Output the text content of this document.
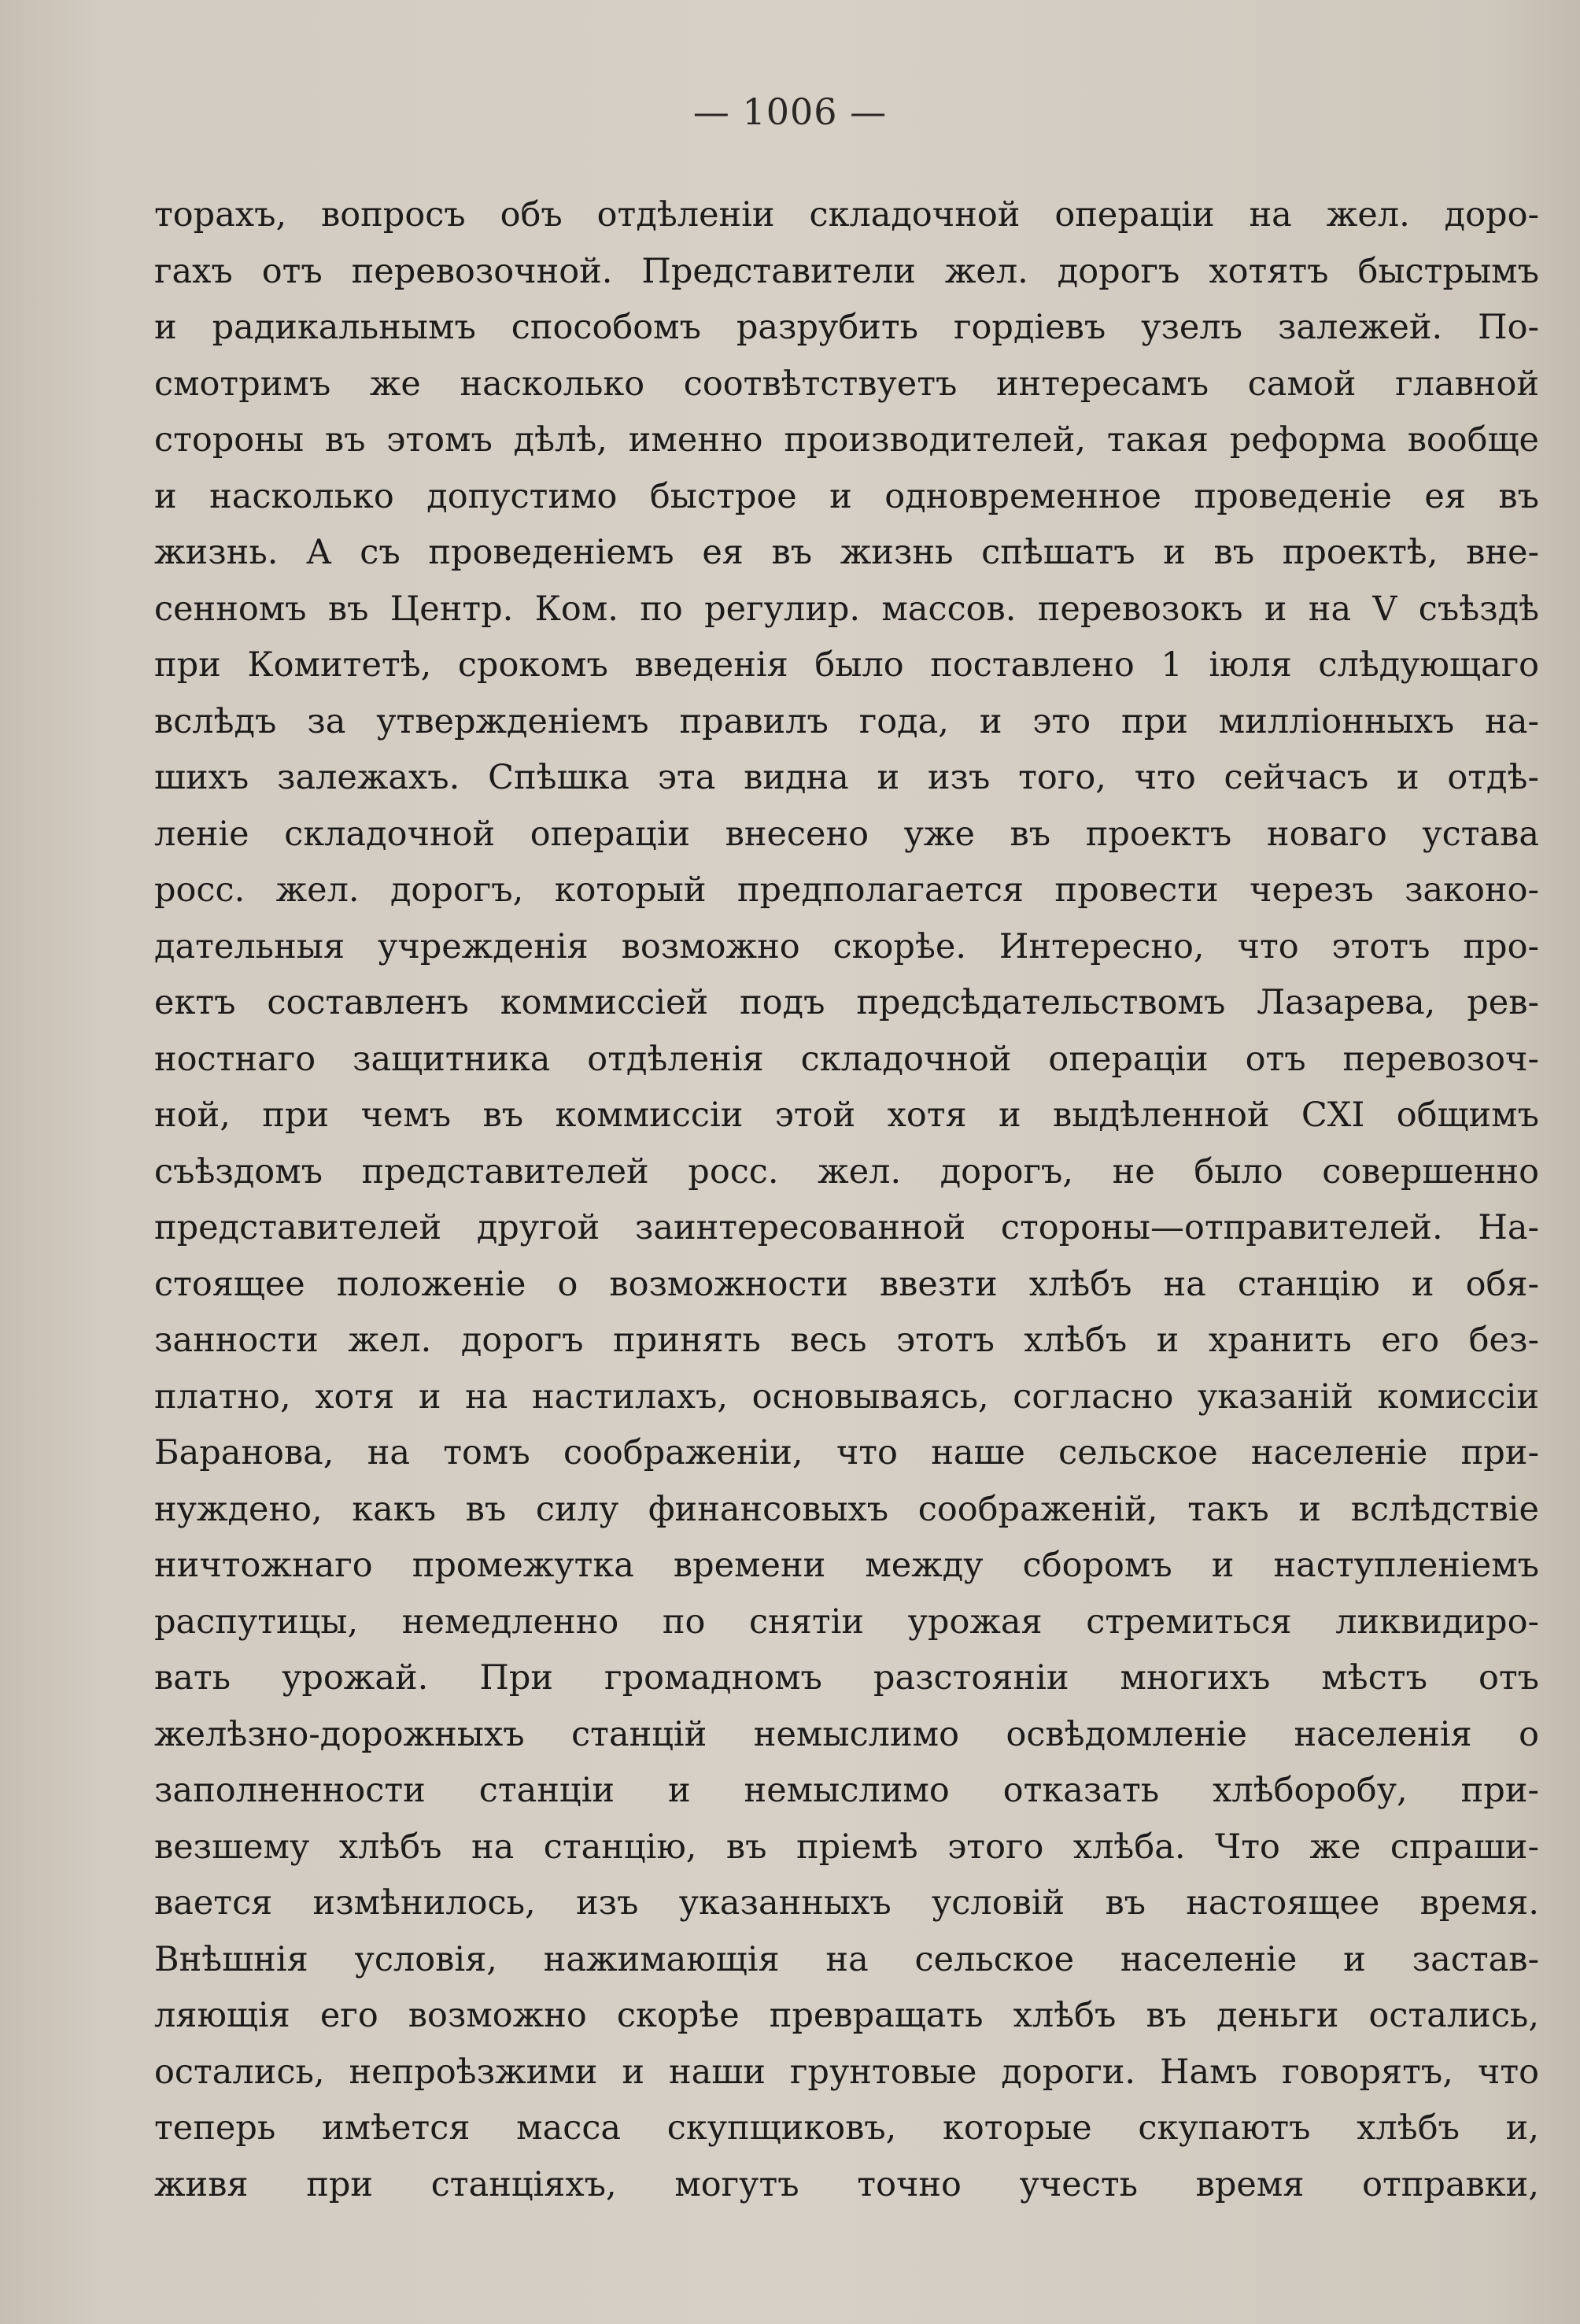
— 1006 —
торахъ, вопросъ объ отдѣленіи складочной операціи на жел. доро-
гахъ отъ перевозочной. Представители жел. дорогъ хотятъ быстрымъ
и радикальнымъ способомъ разрубить гордіевъ узелъ залежей. По-
смотримъ же насколько соотвѣтствуетъ интересамъ самой главной
стороны въ этомъ дѣлѣ, именно производителей, такая реформа вообще
и насколько допустимо быстрое и одновременное проведеніе ея въ
жизнь. А съ проведеніемъ ея въ жизнь спѣшатъ и въ проектѣ, вне-
сенномъ въ Центр. Ком. по регулир. массов. перевозокъ и на V съѣздѣ
при Комитетѣ, срокомъ введенія было поставлено 1 іюля слѣдующаго
вслѣдъ за утвержденіемъ правилъ года, и это при милліонныхъ на-
шихъ залежахъ. Спѣшка эта видна и изъ того, что сейчасъ и отдѣ-
леніе складочной операціи внесено уже въ проектъ новаго устава
росс. жел. дорогъ, который предполагается провести черезъ законо-
дательныя учрежденія возможно скорѣе. Интересно, что этотъ про-
ектъ составленъ коммиссіей подъ предсѣдательствомъ Лазарева, рев-
ностнаго защитника отдѣленія складочной операціи отъ перевозоч-
ной, при чемъ въ коммиссіи этой хотя и выдѣленной СХІ общимъ
съѣздомъ представителей росс. жел. дорогъ, не было совершенно
представителей другой заинтересованной стороны—отправителей. На-
стоящее положеніе о возможности ввезти хлѣбъ на станцію и обя-
занности жел. дорогъ принять весь этотъ хлѣбъ и хранить его без-
платно, хотя и на настилахъ, основываясь, согласно указаній комиссіи
Баранова, на томъ соображеніи, что наше сельское населеніе при-
нуждено, какъ въ силу финансовыхъ соображеній, такъ и вслѣдствіе
ничтожнаго промежутка времени между сборомъ и наступленіемъ
распутицы, немедленно по снятіи урожая стремиться ликвидиро-
вать урожай. При громадномъ разстояніи многихъ мѣстъ отъ
желѣзно-дорожныхъ станцій немыслимо освѣдомленіе населенія о
заполненности станціи и немыслимо отказать хлѣборобу, при-
везшему хлѣбъ на станцію, въ пріемѣ этого хлѣба. Что же спраши-
вается измѣнилось, изъ указанныхъ условій въ настоящее время.
Внѣшнія условія, нажимающія на сельское населеніе и застав-
ляющія его возможно скорѣе превращать хлѣбъ въ деньги остались,
остались, непроѣзжими и наши грунтовые дороги. Намъ говорятъ, что
теперь имѣется масса скупщиковъ, которые скупаютъ хлѣбъ и,
живя при станціяхъ, могутъ точно учесть время отправки,
